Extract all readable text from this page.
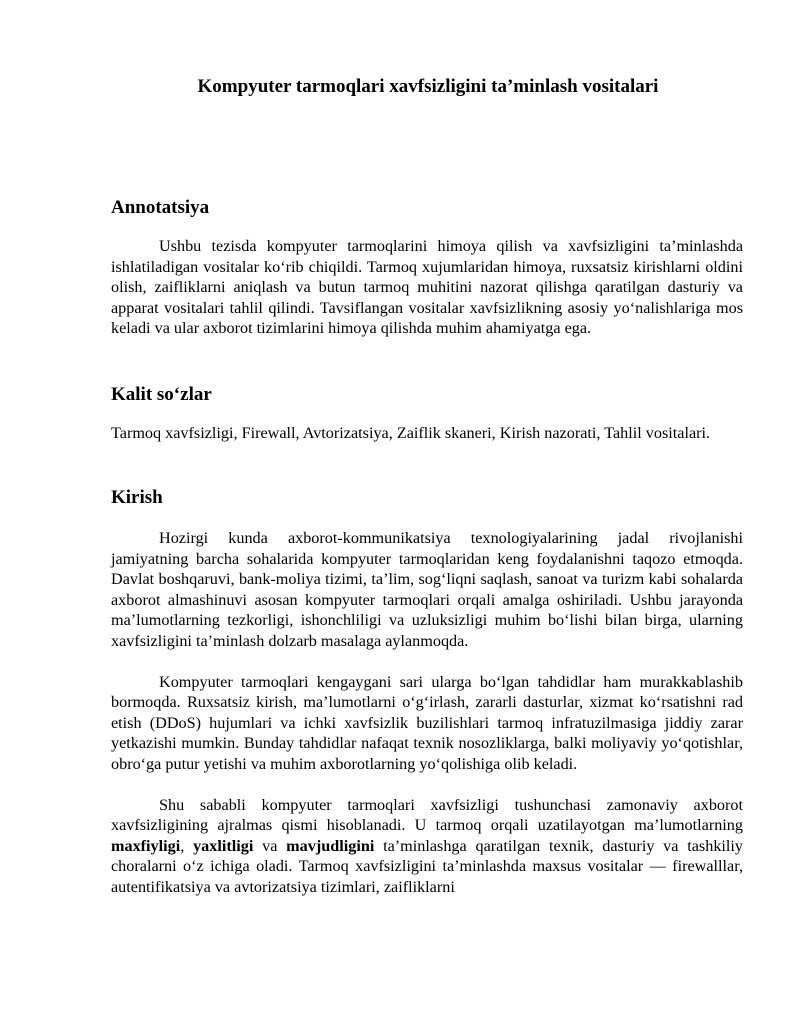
Kompyuter tarmoqlari xavfsizligini ta’minlash vositalari
Annotatsiya

Ushbu tezisda kompyuter tarmoqlarini himoya qilish va xavfsizligini ta’minlashda ishlatiladigan vositalar ko‘rib chiqildi. Tarmoq xujumlaridan himoya, ruxsatsiz kirishlarni oldini olish, zaifliklarni aniqlash va butun tarmoq muhitini nazorat qilishga qaratilgan dasturiy va apparat vositalari tahlil qilindi. Tavsiflangan vositalar xavfsizlikning asosiy yo‘nalishlariga mos keladi va ular axborot tizimlarini himoya qilishda muhim ahamiyatga ega.

Kalit so‘zlar

Tarmoq xavfsizligi, Firewall, Avtorizatsiya, Zaiflik skaneri, Kirish nazorati, Tahlil vositalari.

Kirish

Hozirgi kunda axborot-kommunikatsiya texnologiyalarining jadal rivojlanishi jamiyatning barcha sohalarida kompyuter tarmoqlaridan keng foydalanishni taqozo etmoqda. Davlat boshqaruvi, bank-moliya tizimi, ta’lim, sog‘liqni saqlash, sanoat va turizm kabi sohalarda axborot almashinuvi asosan kompyuter tarmoqlari orqali amalga oshiriladi. Ushbu jarayonda ma’lumotlarning tezkorligi, ishonchliligi va uzluksizligi muhim bo‘lishi bilan birga, ularning xavfsizligini ta’minlash dolzarb masalaga aylanmoqda.

Kompyuter tarmoqlari kengaygani sari ularga bo‘lgan tahdidlar ham murakkablashib bormoqda. Ruxsatsiz kirish, ma’lumotlarni o‘g‘irlash, zararli dasturlar, xizmat ko‘rsatishni rad etish (DDoS) hujumlari va ichki xavfsizlik buzilishlari tarmoq infratuzilmasiga jiddiy zarar yetkazishi mumkin. Bunday tahdidlar nafaqat texnik nosozliklarga, balki moliyaviy yo‘qotishlar, obro‘ga putur yetishi va muhim axborotlarning yo‘qolishiga olib keladi.

Shu sababli kompyuter tarmoqlari xavfsizligi tushunchasi zamonaviy axborot xavfsizligining ajralmas qismi hisoblanadi. U tarmoq orqali uzatilayotgan ma’lumotlarning maxfiyligi, yaxlitligi va mavjudligini ta’minlashga qaratilgan texnik, dasturiy va tashkiliy choralarni o‘z ichiga oladi. Tarmoq xavfsizligini ta’minlashda maxsus vositalar — firewalllar, autentifikatsiya va avtorizatsiya tizimlari, zaifliklarni
